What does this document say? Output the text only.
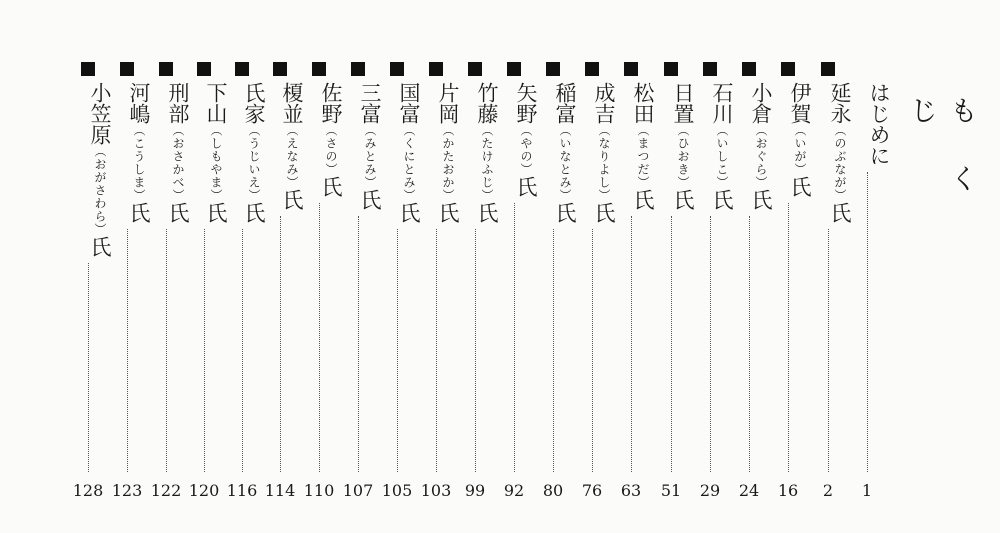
もくじ
はじめに
1
延永（のぶなが）氏
2
伊賀（いが）氏
16
小倉（おぐら）氏
24
石川（いしこ）氏
29
日置（ひおき）氏
51
松田（まつだ）氏
63
成吉（なりよし）氏
76
稲富（いなとみ）氏
80
矢野（やの）氏
92
竹藤（たけふじ）氏
99
片岡（かたおか）氏
103
国富（くにとみ）氏
105
三富（みとみ）氏
107
佐野（さの）氏
110
榎並（えなみ）氏
114
氏家（うじいえ）氏
116
下山（しもやま）氏
120
刑部（おさかべ）氏
122
河嶋（こうしま）氏
123
小笠原（おがさわら）氏
128
